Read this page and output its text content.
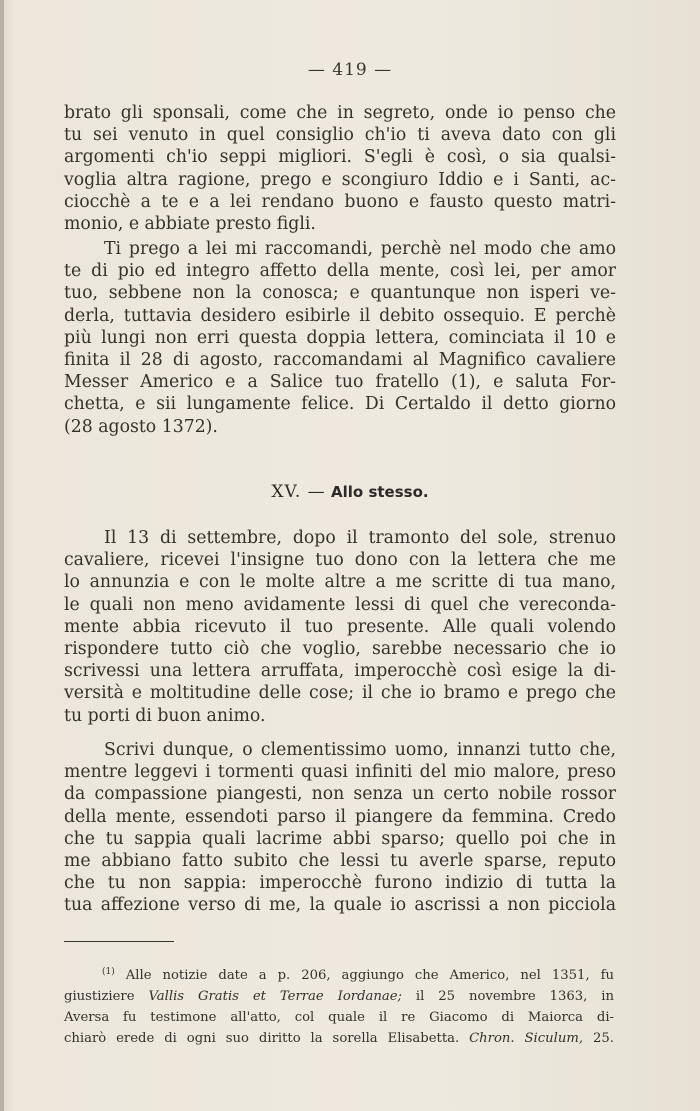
— 419 —
brato gli sponsali, come che in segreto, onde io penso che
tu sei venuto in quel consiglio ch'io ti aveva dato con gli
argomenti ch'io seppi migliori. S'egli è così, o sia qualsi-
voglia altra ragione, prego e scongiuro Iddio e i Santi, ac-
ciocchè a te e a lei rendano buono e fausto questo matri-
monio, e abbiate presto figli.
Ti prego a lei mi raccomandi, perchè nel modo che amo
te di pio ed integro affetto della mente, così lei, per amor
tuo, sebbene non la conosca; e quantunque non isperi ve-
derla, tuttavia desidero esibirle il debito ossequio. E perchè
più lungi non erri questa doppia lettera, cominciata il 10 e
finita il 28 di agosto, raccomandami al Magnifico cavaliere
Messer Americo e a Salice tuo fratello (1), e saluta For-
chetta, e sii lungamente felice. Di Certaldo il detto giorno
(28 agosto 1372).
XV. — Allo stesso.
Il 13 di settembre, dopo il tramonto del sole, strenuo
cavaliere, ricevei l'insigne tuo dono con la lettera che me
lo annunzia e con le molte altre a me scritte di tua mano,
le quali non meno avidamente lessi di quel che vereconda-
mente abbia ricevuto il tuo presente. Alle quali volendo
rispondere tutto ciò che voglio, sarebbe necessario che io
scrivessi una lettera arruffata, imperocchè così esige la di-
versità e moltitudine delle cose; il che io bramo e prego che
tu porti di buon animo.
Scrivi dunque, o clementissimo uomo, innanzi tutto che,
mentre leggevi i tormenti quasi infiniti del mio malore, preso
da compassione piangesti, non senza un certo nobile rossor
della mente, essendoti parso il piangere da femmina. Credo
che tu sappia quali lacrime abbi sparso; quello poi che in
me abbiano fatto subito che lessi tu averle sparse, reputo
che tu non sappia: imperocchè furono indizio di tutta la
tua affezione verso di me, la quale io ascrissi a non picciola
$^{(1)}$ Alle notizie date a p. 206, aggiungo che Americo, nel 1351, fu
giustiziere Vallis Gratis et Terrae Iordanae; il 25 novembre 1363, in
Aversa fu testimone all'atto, col quale il re Giacomo di Maiorca di-
chiarò erede di ogni suo diritto la sorella Elisabetta. Chron. Siculum, 25.
